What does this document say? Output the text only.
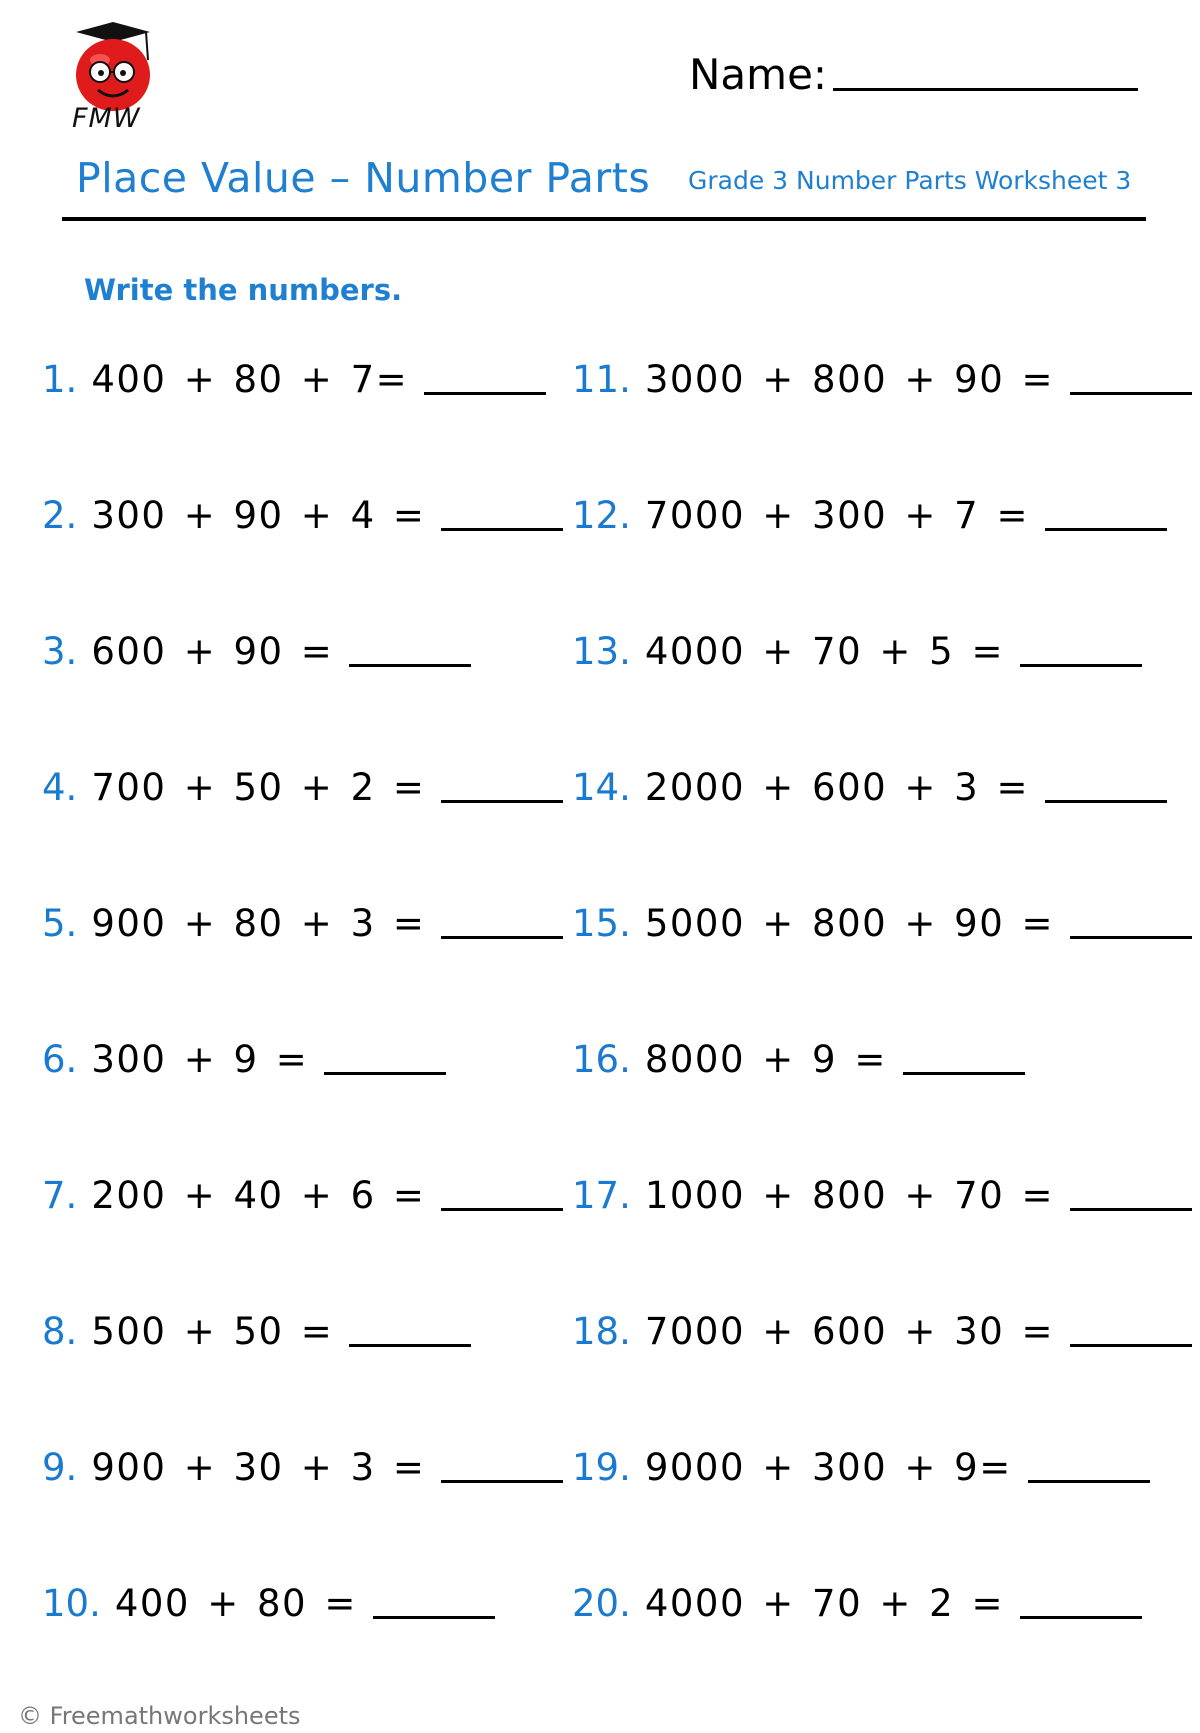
FMW
Name:
Place Value – Number Parts Grade 3 Number Parts Worksheet 3
Write the numbers.
1. 400 + 80 + 7=
2. 300 + 90 + 4 =
3. 600 + 90 =
4. 700 + 50 + 2 =
5. 900 + 80 + 3 =
6. 300 + 9 =
7. 200 + 40 + 6 =
8. 500 + 50 =
9. 900 + 30 + 3 =
10. 400 + 80 =
11. 3000 + 800 + 90 =
12. 7000 + 300 + 7 =
13. 4000 + 70 + 5 =
14. 2000 + 600 + 3 =
15. 5000 + 800 + 90 =
16. 8000 + 9 =
17. 1000 + 800 + 70 =
18. 7000 + 600 + 30 =
19. 9000 + 300 + 9=
20. 4000 + 70 + 2 =
© Freemathworksheets
